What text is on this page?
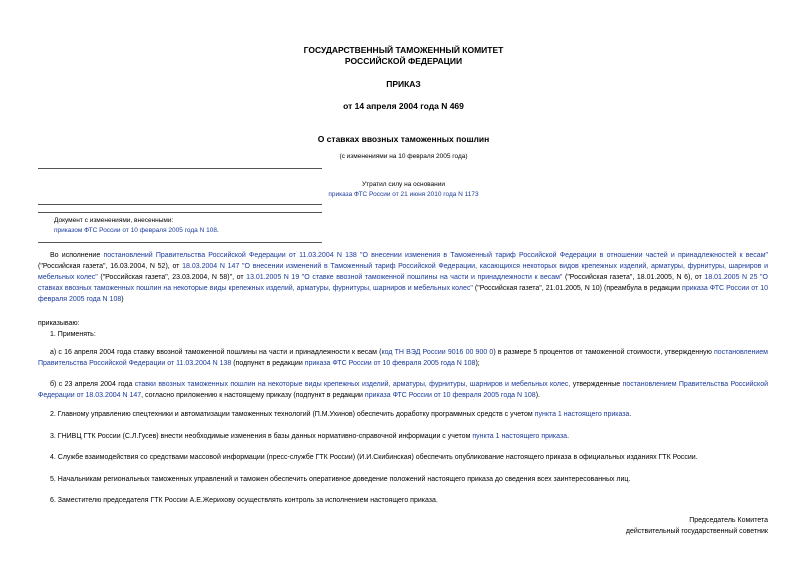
ГОСУДАРСТВЕННЫЙ ТАМОЖЕННЫЙ КОМИТЕТ
РОССИЙСКОЙ ФЕДЕРАЦИИ
ПРИКАЗ
от 14 апреля 2004 года N 469
О ставках ввозных таможенных пошлин
(с изменениями на 10 февраля 2005 года)
Утратил силу на основании
приказа ФТС России от 21 июня 2010 года N 1173
Документ с изменениями, внесенными:
приказом ФТС России от 10 февраля 2005 года N 108.

Во исполнение постановлений Правительства Российской Федерации от 11.03.2004 N 138 "О внесении изменения в Таможенный тариф Российской Федерации в отношении частей и принадлежностей к весам" ("Российская газета", 16.03.2004, N 52), от 18.03.2004 N 147 "О внесении изменений в Таможенный тариф Российской Федерации, касающихся некоторых видов крепежных изделий, арматуры, фурнитуры, шарниров и мебельных колес" ("Российская газета", 23.03.2004, N 58)", от 13.01.2005 N 19 "О ставке ввозной таможенной пошлины на части и принадлежности к весам" ("Российская газета", 18.01.2005, N 6), от 18.01.2005 N 25 "О ставках ввозных таможенных пошлин на некоторые виды крепежных изделий, арматуры, фурнитуры, шарниров и мебельных колес" ("Российская газета", 21.01.2005, N 10) (преамбула в редакции приказа ФТС России от 10 февраля 2005 года N 108)

приказываю:
1. Применять:

а) с 16 апреля 2004 года ставку ввозной таможенной пошлины на части и принадлежности к весам (код ТН ВЭД России 9016 00 900 0) в размере 5 процентов от таможенной стоимости, утвержденную постановлением Правительства Российской Федерации от 11.03.2004 N 138 (подпункт в редакции приказа ФТС России от 10 февраля 2005 года N 108);

б) с 23 апреля 2004 года ставки ввозных таможенных пошлин на некоторые виды крепежных изделий, арматуры, фурнитуры, шарниров и мебельных колес, утвержденные постановлением Правительства Российской Федерации от 18.03.2004 N 147, согласно приложению к настоящему приказу (подпункт в редакции приказа ФТС России от 10 февраля 2005 года N 108).

2. Главному управлению спецтехники и автоматизации таможенных технологий (П.М.Ухинов) обеспечить доработку программных средств с учетом пункта 1 настоящего приказа.

3. ГНИВЦ ГТК России (С.Л.Гусев) внести необходимые изменения в базы данных нормативно-справочной информации с учетом пункта 1 настоящего приказа.

4. Службе взаимодействия со средствами массовой информации (пресс-службе ГТК России) (И.И.Скибинская) обеспечить опубликование настоящего приказа в официальных изданиях ГТК России.

5. Начальникам региональных таможенных управлений и таможен обеспечить оперативное доведение положений настоящего приказа до сведения всех заинтересованных лиц.

6. Заместителю председателя ГТК России А.Е.Жерихову осуществлять контроль за исполнением настоящего приказа.

Председатель Комитета
действительный государственный советник
